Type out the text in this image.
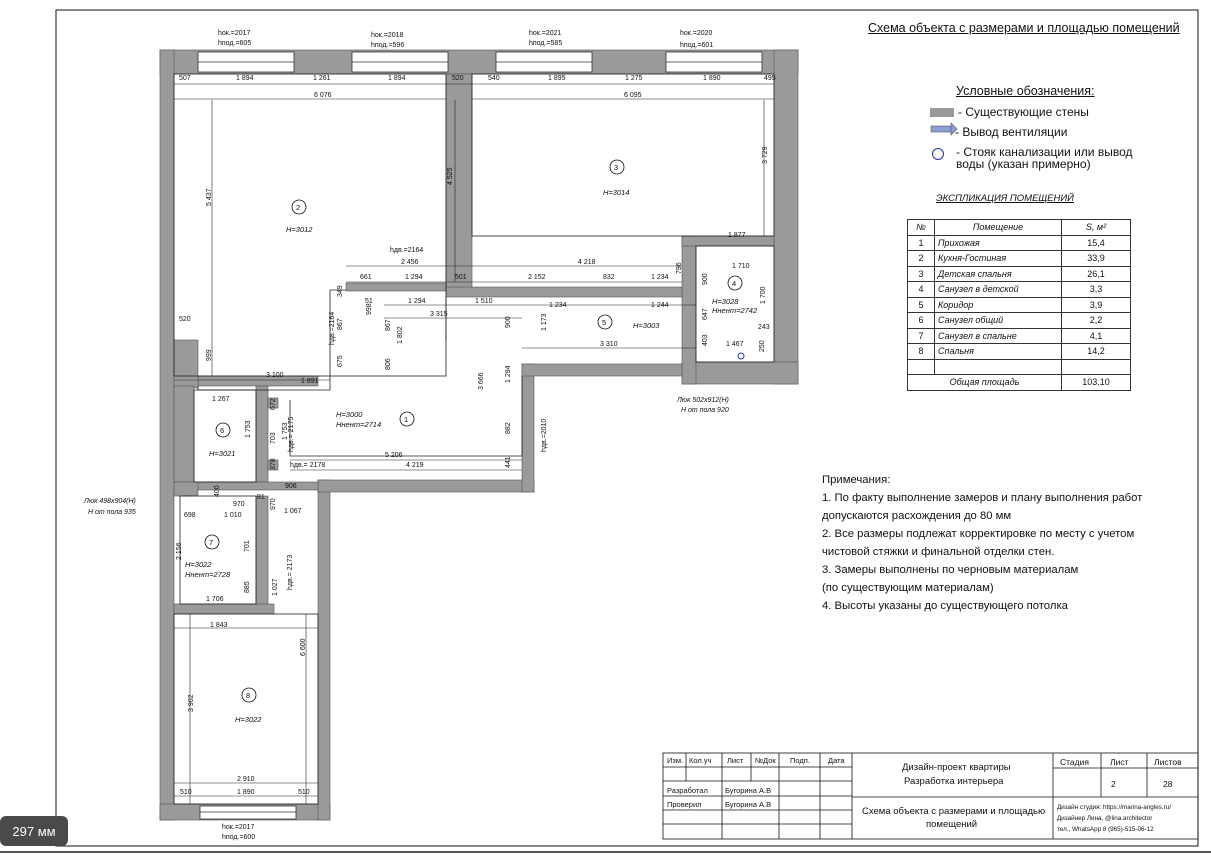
hок.=2017
hпод.=605
hок.=2018
hпод.=596
hок.=2021
hпод.=585
hок.=2020
hпод.=601
hок.=2017
hпод.=600
507	1 894	1 261	1 894	520	540	1 895	1 275	1 890	495
6 076	6 095
5 437
4 525
3 729
1 877
1 710
4 218
2 456
661	1 294	501	2 152	832	1 234
796
900
1 700
1 294	1 510
1 234	1 244
3 315	1 173
900
647
243
403 1 467 250
3 310
520
999
3 100
1 891
1 802
867
806
675
349
867
998
51
3 666	1 294
882
441
5 206
4 219
1 267
1 753
703 1 753
672
378
906
400
970
81
698	1 010
970
1 067
2 156	701
885	1 027
1 706
1 843
6 600
3 902
2 910
510	1 890	510
hдв.=2164
hдв.=2164
hдв.=2010
hдв.= 2175
hдв.= 2178
hдв.= 2173
Люк 502х912(Н)
Н от пола 920
Люк 498х904(Н)
Н от пола 935
2
H=3012
3
H=3014
4
H=3028
Hнент=2742
5	H=3003
1
H=3000
Hнент=2714
6
H=3021
7
H=3022
Hнент=2728
8
H=3022
Схема объекта с размерами и площадью помещений
Условные обозначения:
- Существующие стены
- Вывод вентиляции
- Стояк канализации или вывод воды (указан примерно)
ЭКСПЛИКАЦИЯ ПОМЕЩЕНИЙ
№	Помещение	S, м²
1	Прихожая	15,4
2	Кухня-Гостиная	33,9
3	Детская спальня	26,1
4	Санузел в детской	3,3
5	Коридор	3,9
6	Санузел общий	2,2
7	Санузел в спальне	4,1
8	Спальня	14,2

Общая площадь		103.10
Примечания:
1. По факту выполнение замеров и плану выполнения работ
допускаются расхождения до 80 мм
2. Все размеры подлежат корректировке по месту с учетом
чистовой стяжки и финальной отделки стен.
3. Замеры выполнены по черновым материалам
(по существующим материалам)
4. Высоты указаны до существующего потолка
Изм. Кол.уч Лист №Док Подп. Дата
Разработал Бугорина А.В
Проверил	Бугорина А.В
Дизайн-проект квартиры
Разработка интерьера
Стадия Лист	Листов
2	28
Схема объекта с размерами и площадью
помещений
Дизайн студия: https://marina-angles.ru/
Дизайнер Лина, @lina.architector
тел., WhatsApp 8 (965)-515-06-12
297 мм
